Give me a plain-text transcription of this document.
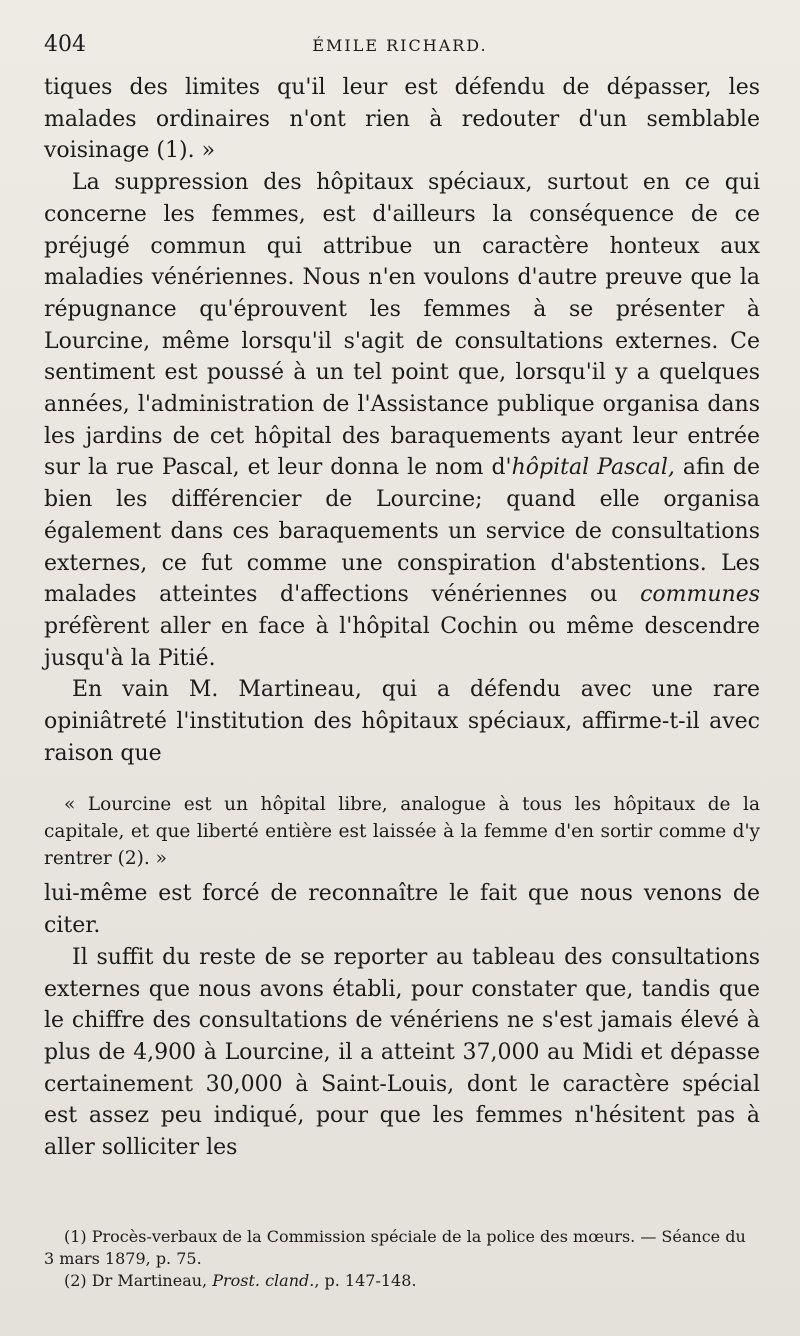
404	ÉMILE RICHARD.

tiques des limites qu'il leur est défendu de dépasser, les malades ordinaires n'ont rien à redouter d'un semblable voisinage (1). »

La suppression des hôpitaux spéciaux, surtout en ce qui concerne les femmes, est d'ailleurs la conséquence de ce préjugé commun qui attribue un caractère honteux aux maladies vénériennes. Nous n'en voulons d'autre preuve que la répugnance qu'éprouvent les femmes à se présenter à Lourcine, même lorsqu'il s'agit de consultations externes. Ce sentiment est poussé à un tel point que, lorsqu'il y a quelques années, l'administration de l'Assistance publique organisa dans les jardins de cet hôpital des baraquements ayant leur entrée sur la rue Pascal, et leur donna le nom d'hôpital Pascal, afin de bien les différencier de Lourcine; quand elle organisa également dans ces baraquements un service de consultations externes, ce fut comme une conspiration d'abstentions. Les malades atteintes d'affections vénériennes ou communes préfèrent aller en face à l'hôpital Cochin ou même descendre jusqu'à la Pitié.

En vain M. Martineau, qui a défendu avec une rare opiniâtreté l'institution des hôpitaux spéciaux, affirme-t-il avec raison que

« Lourcine est un hôpital libre, analogue à tous les hôpitaux de la capitale, et que liberté entière est laissée à la femme d'en sortir comme d'y rentrer (2). »

lui-même est forcé de reconnaître le fait que nous venons de citer.

Il suffit du reste de se reporter au tableau des consultations externes que nous avons établi, pour constater que, tandis que le chiffre des consultations de vénériens ne s'est jamais élevé à plus de 4,900 à Lourcine, il a atteint 37,000 au Midi et dépasse certainement 30,000 à Saint-Louis, dont le caractère spécial est assez peu indiqué, pour que les femmes n'hésitent pas à aller solliciter les

(1) Procès-verbaux de la Commission spéciale de la police des mœurs. — Séance du 3 mars 1879, p. 75.

(2) Dr Martineau, Prost. cland., p. 147-148.
